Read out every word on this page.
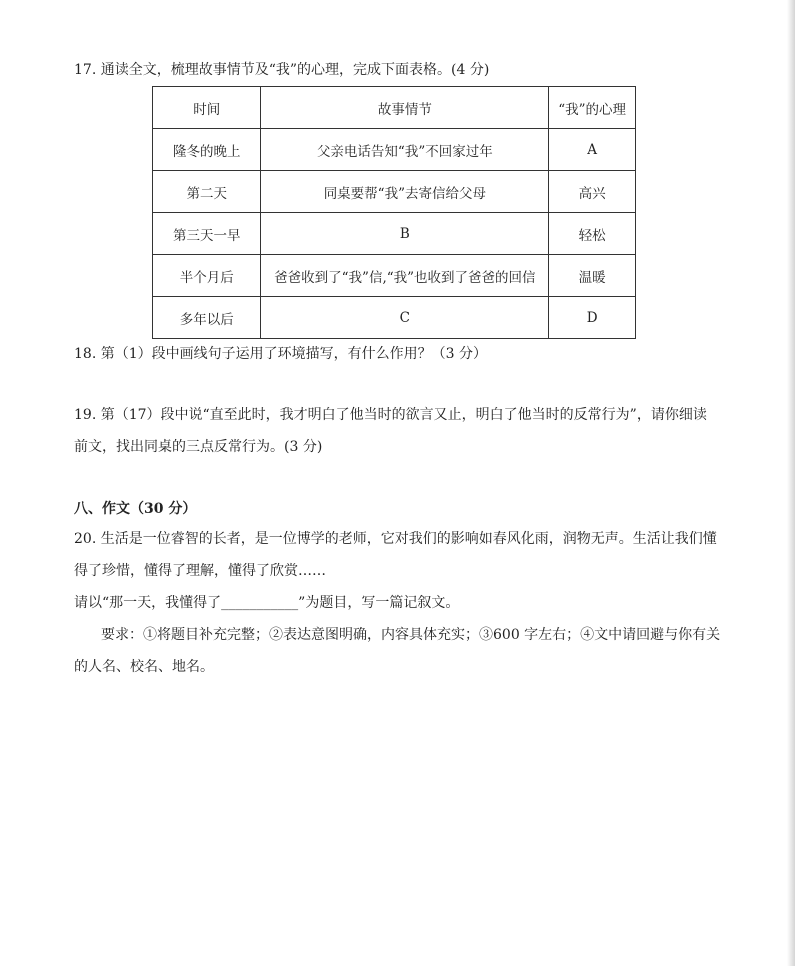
17. 通读全文，梳理故事情节及“我”的心理，完成下面表格。(4 分)
时间	故事情节	“我”的心理
隆冬的晚上	父亲电话告知“我”不回家过年	A
第二天	同桌要帮“我”去寄信给父母	高兴
第三天一早	B	轻松
半个月后	爸爸收到了“我”信,“我”也收到了爸爸的回信	温暖
多年以后	C	D
18. 第（1）段中画线句子运用了环境描写，有什么作用？（3 分）
19. 第（17）段中说“直至此时，我才明白了他当时的欲言又止，明白了他当时的反常行为”，请你细读
前文，找出同桌的三点反常行为。(3 分)
八、作文（30 分）
20. 生活是一位睿智的长者，是一位博学的老师，它对我们的影响如春风化雨，润物无声。生活让我们懂
得了珍惜，懂得了理解，懂得了欣赏……
请以“那一天，我懂得了___________”为题目，写一篇记叙文。
要求：①将题目补充完整；②表达意图明确，内容具体充实；③600 字左右；④文中请回避与你有关
的人名、校名、地名。
